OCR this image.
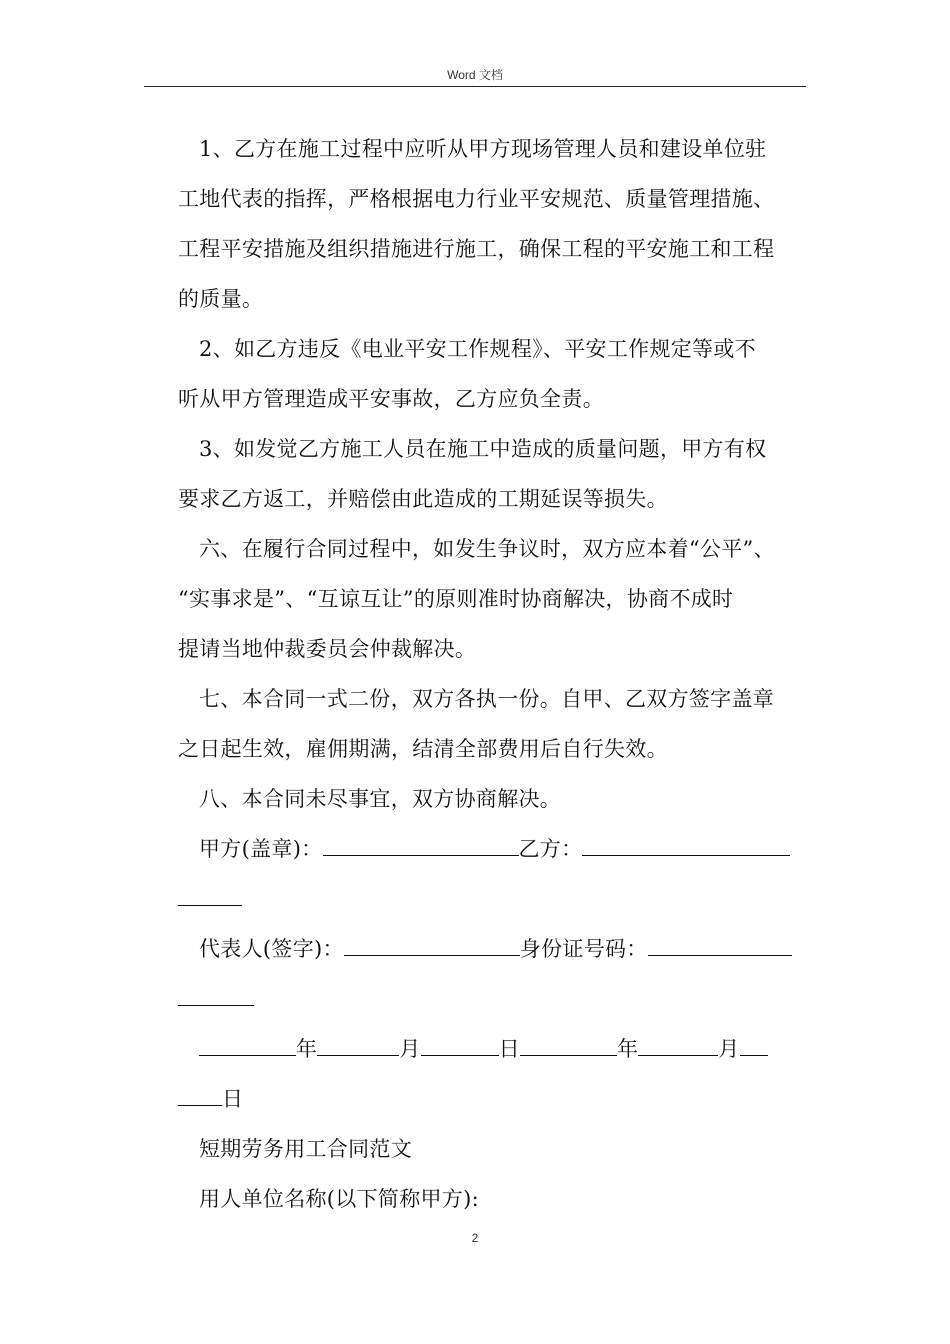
Word 文档
1、乙方在施工过程中应听从甲方现场管理人员和建设单位驻
工地代表的指挥，严格根据电力行业平安规范、质量管理措施、
工程平安措施及组织措施进行施工，确保工程的平安施工和工程
的质量。
2、如乙方违反《电业平安工作规程》、平安工作规定等或不
听从甲方管理造成平安事故，乙方应负全责。
3、如发觉乙方施工人员在施工中造成的质量问题，甲方有权
要求乙方返工，并赔偿由此造成的工期延误等损失。
六、在履行合同过程中，如发生争议时，双方应本着“公平”、
“实事求是”、“互谅互让”的原则准时协商解决，协商不成时
提请当地仲裁委员会仲裁解决。
七、本合同一式二份，双方各执一份。自甲、乙双方签字盖章
之日起生效，雇佣期满，结清全部费用后自行失效。
八、本合同未尽事宜，双方协商解决。
甲方(盖章)：	乙方：
代表人(签字)：	身份证号码：
年	月	日	年	月
日
短期劳务用工合同范文
用人单位名称(以下简称甲方):
2
